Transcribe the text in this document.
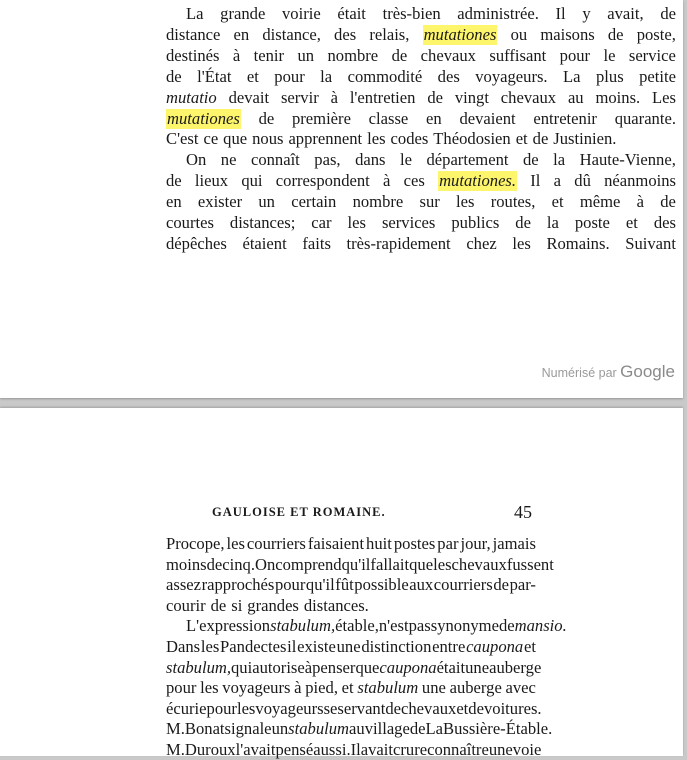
La grande voirie était très-bien administrée. Il y avait, de
distance en distance, des relais, mutationes ou maisons de poste,
destinés à tenir un nombre de chevaux suffisant pour le service
de l'État et pour la commodité des voyageurs. La plus petite
mutatio devait servir à l'entretien de vingt chevaux au moins. Les
mutationes de première classe en devaient entretenir quarante.
C'est ce que nous apprennent les codes Théodosien et de Justinien.
On ne connaît pas, dans le département de la Haute-Vienne,
de lieux qui correspondent à ces mutationes. Il a dû néanmoins
en exister un certain nombre sur les routes, et même à de
courtes distances; car les services publics de la poste et des
dépêches étaient faits très-rapidement chez les Romains. Suivant
Procope, les courriers faisaient huit postes par jour, jamais
moins de cinq. On comprend qu'il fallait que les chevaux fussent
assez rapprochés pour qu'il fût possible aux courriers de par-
courir de si grandes distances.
L'expression stabulum, étable, n'est pas synonyme de mansio.
Dans les Pandectes il existe une distinction entre caupona et
stabulum, qui autorise à penser que caupona était une auberge
pour les voyageurs à pied, et stabulum une auberge avec
écurie pour les voyageurs se servant de chevaux et de voitures.
M. Bonat signale un stabulum au village de La Bussière-Étable.
M. Duroux l'avait pensé aussi. Il avait cru reconnaître une voie
Numérisé par Google
GAULOISE ET ROMAINE.	45
